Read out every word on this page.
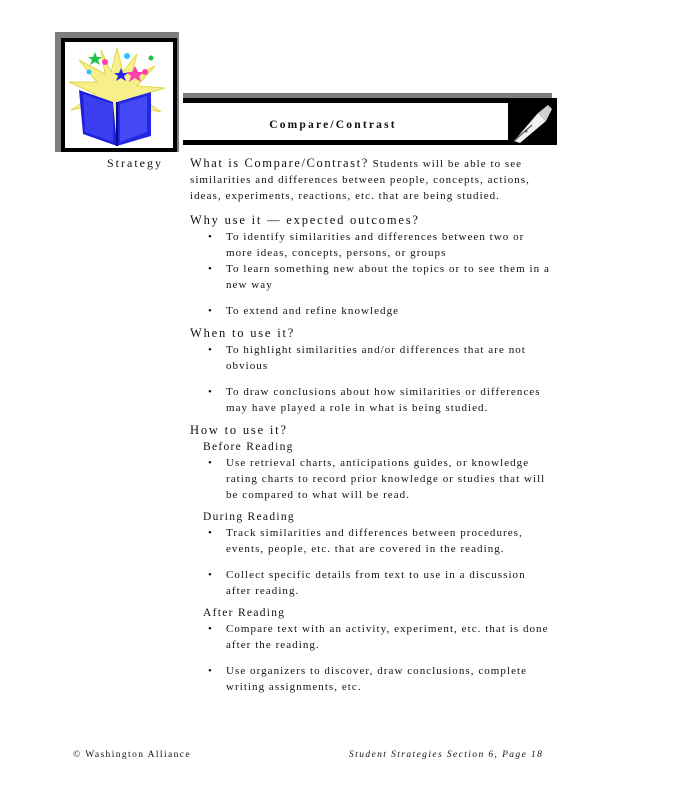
Compare/Contrast
Strategy What is Compare/Contrast? Students will be able to see similarities and differences between people, concepts, actions, ideas, experiments, reactions, etc. that are being studied.

Why use it — expected outcomes?
• To identify similarities and differences between two or more ideas, concepts, persons, or groups
• To learn something new about the topics or to see them in a new way
• To extend and refine knowledge
When to use it?
• To highlight similarities and/or differences that are not obvious
• To draw conclusions about how similarities or differences may have played a role in what is being studied.
How to use it?
Before Reading
• Use retrieval charts, anticipations guides, or knowledge rating charts to record prior knowledge or studies that will be compared to what will be read.
During Reading
• Track similarities and differences between procedures, events, people, etc. that are covered in the reading.
• Collect specific details from text to use in a discussion after reading.
After Reading
• Compare text with an activity, experiment, etc. that is done after the reading.
• Use organizers to discover, draw conclusions, complete writing assignments, etc.
© Washington Alliance	Student Strategies Section 6, Page 18
